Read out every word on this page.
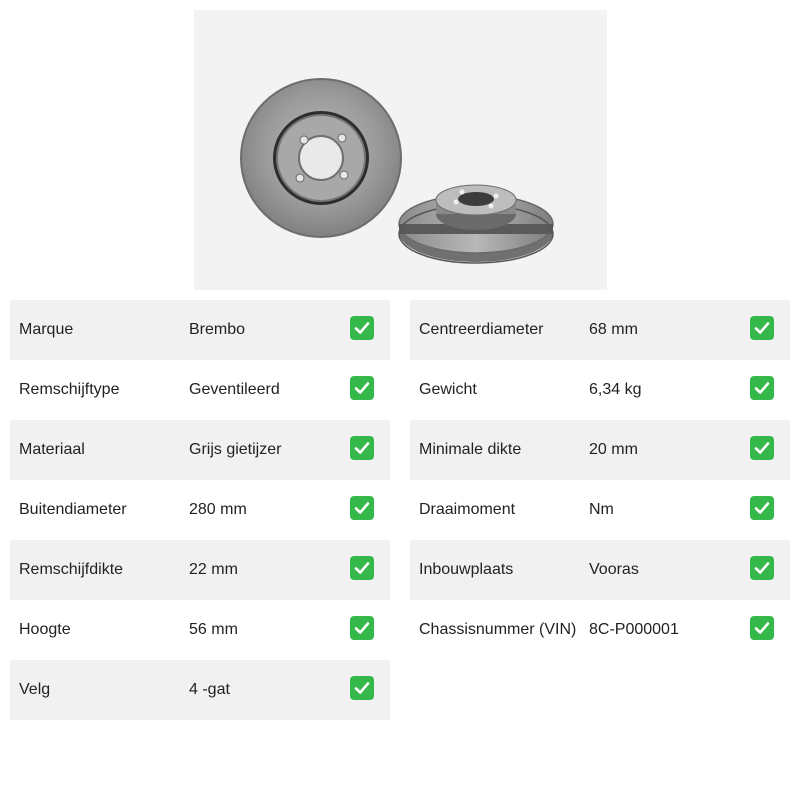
Marque	Brembo
Remschijftype	Geventileerd
Materiaal	Grijs gietijzer
Buitendiameter	280 mm
Remschijfdikte	22 mm
Hoogte	56 mm
Velg	4 -gat
Centreerdiameter	68 mm
Gewicht	6,34 kg
Minimale dikte	20 mm
Draaimoment	Nm
Inbouwplaats	Vooras
Chassisnummer (VIN) 8C-P000001
